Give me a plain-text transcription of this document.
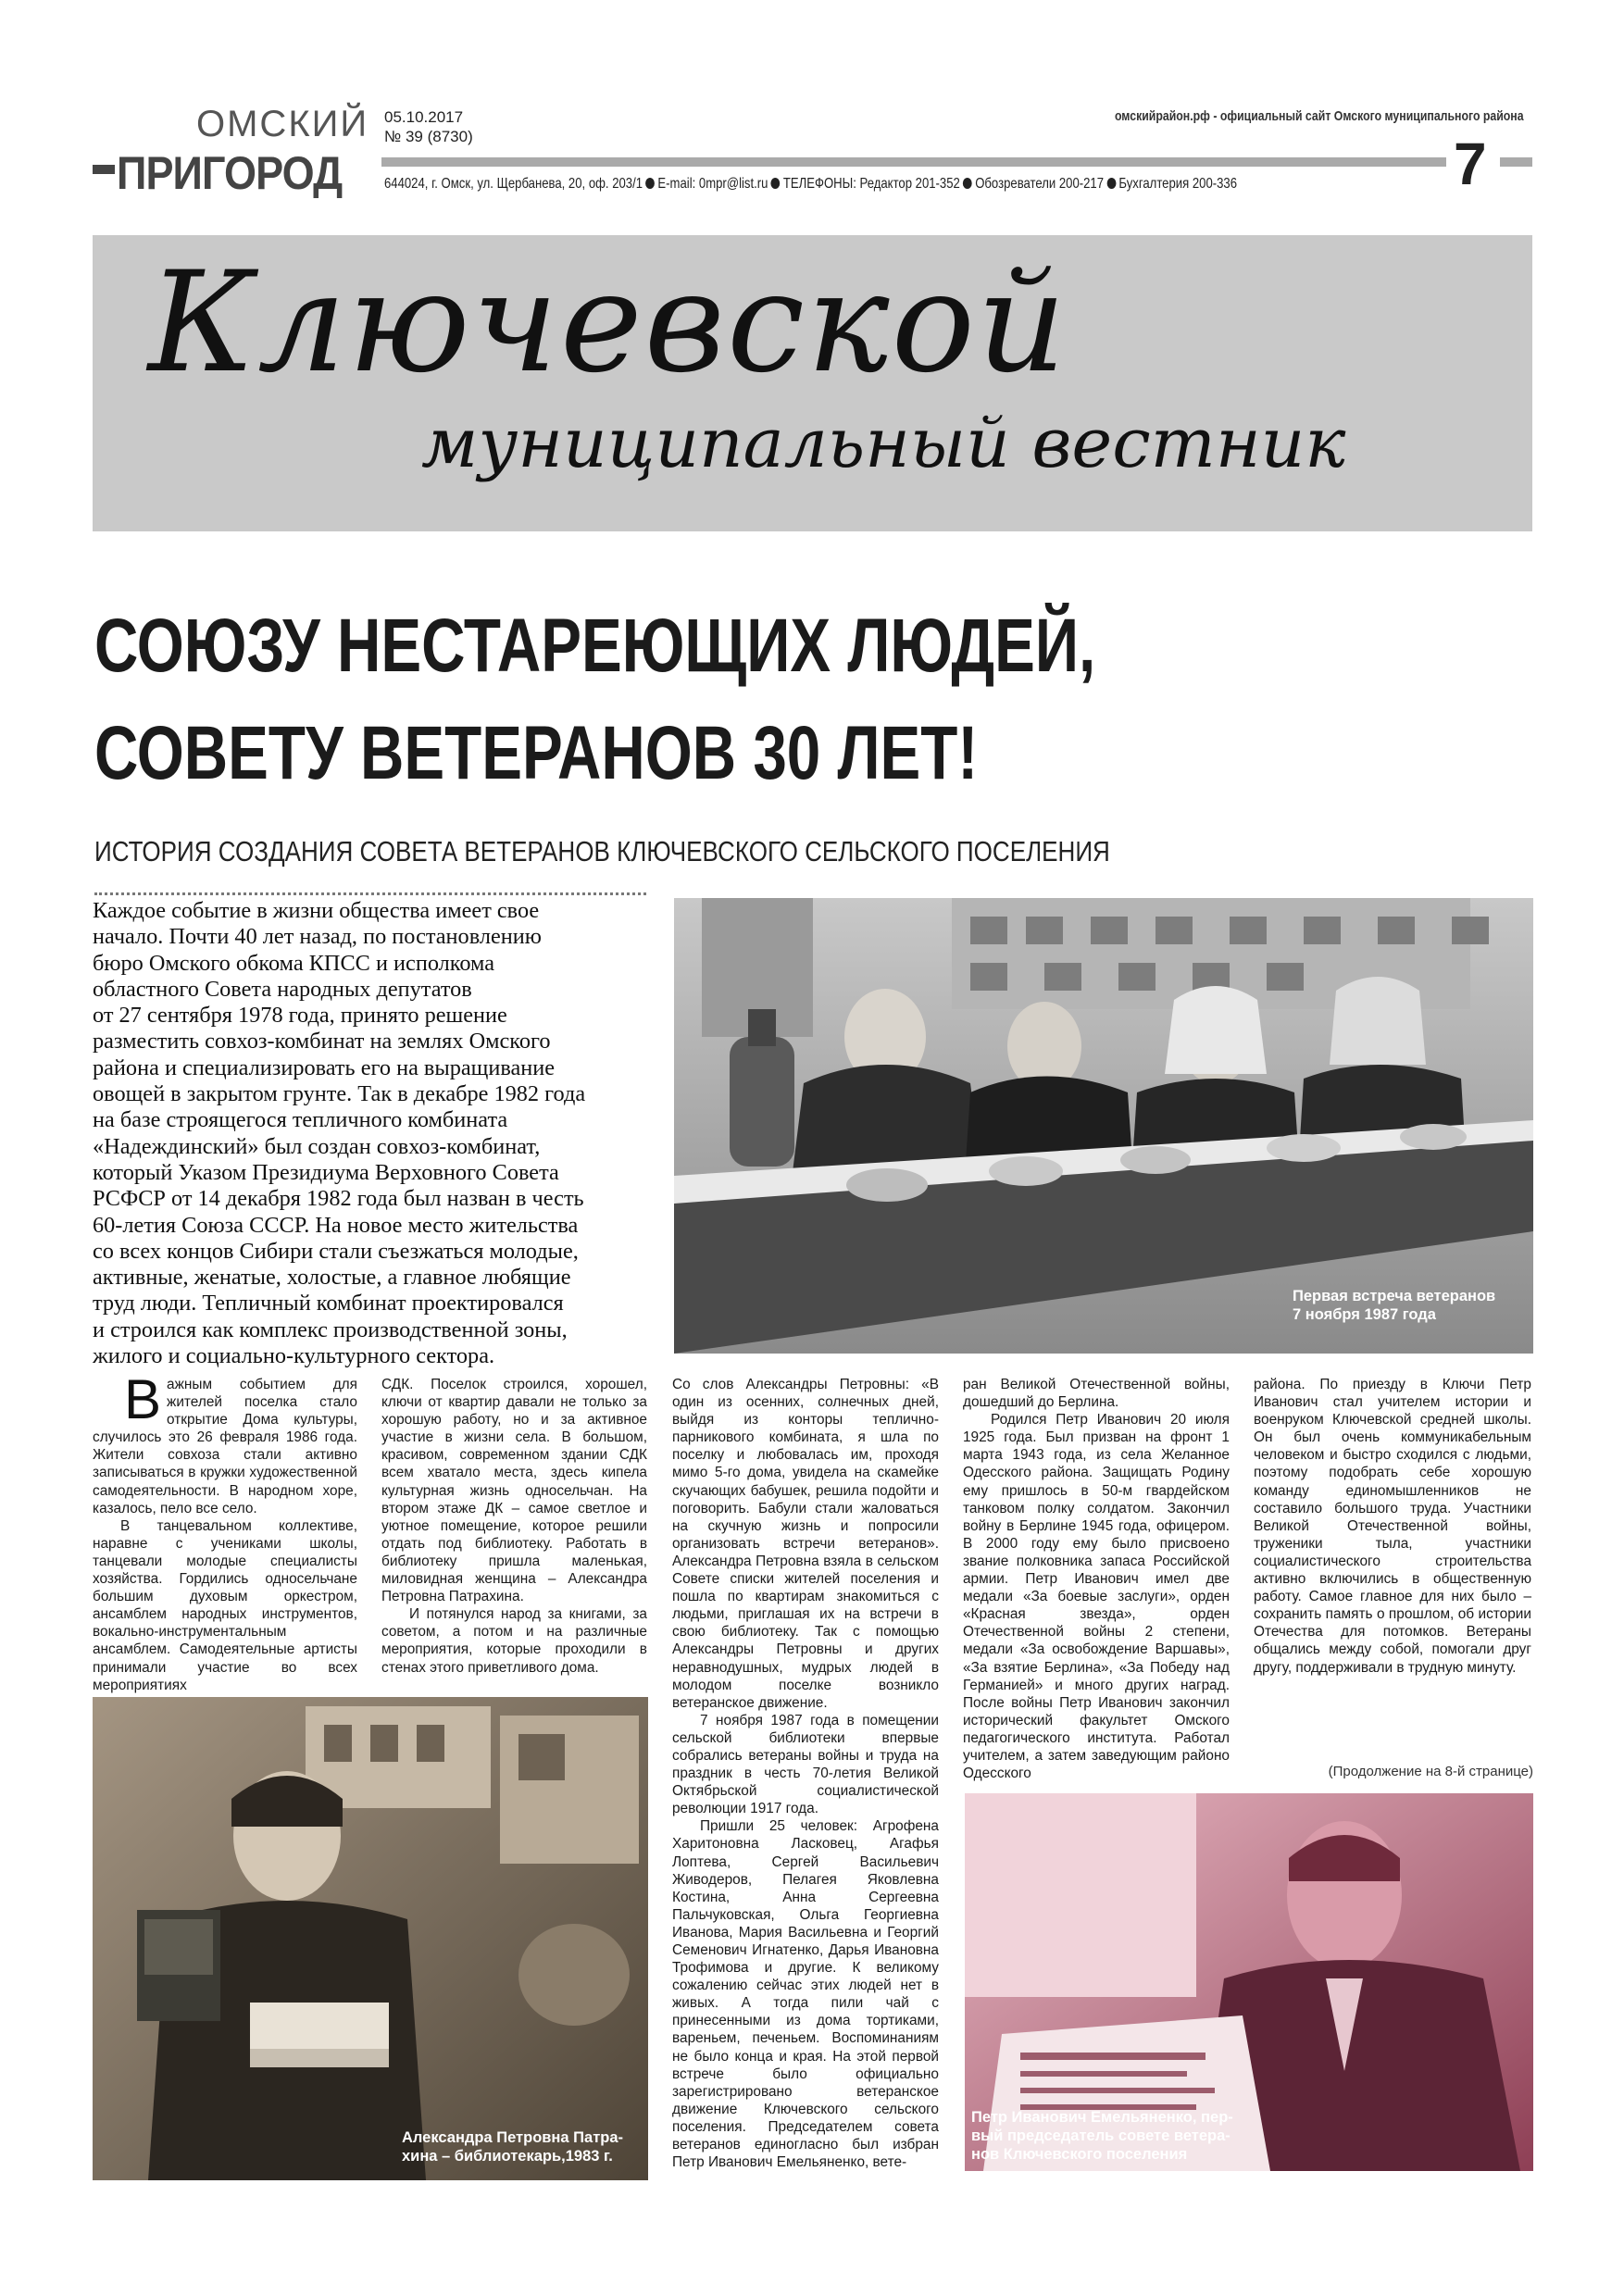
ОМСКИЙ
ПРИГОРОД
05.10.2017
№ 39 (8730)
омскийрайон.рф - официальный сайт Омского муниципального района
7
644024, г. Омск, ул. Щербанева, 20, оф. 203/1 E-mail: 0mpr@list.ru ТЕЛЕФОНЫ: Редактор 201-352 Обозреватели 200-217 Бухгалтерия 200-336
Ключевской
муниципальный вестник
СОЮЗУ НЕСТАРЕЮЩИХ ЛЮДЕЙ,
СОВЕТУ ВЕТЕРАНОВ 30 ЛЕТ!
ИСТОРИЯ СОЗДАНИЯ СОВЕТА ВЕТЕРАНОВ КЛЮЧЕВСКОГО СЕЛЬСКОГО ПОСЕЛЕНИЯ

Каждое событие в жизни общества имеет свое

начало. Почти 40 лет назад, по постановлению

бюро Омского обкома КПСС и исполкома

областного Совета народных депутатов

от 27 сентября 1978 года, принято решение

разместить совхоз-комбинат на землях Омского

района и специализировать его на выращивание

овощей в закрытом грунте. Так в декабре 1982 года

на базе строящегося тепличного комбината

«Надеждинский» был создан совхоз-комбинат,

который Указом Президиума Верховного Совета

РСФСР от 14 декабря 1982 года был назван в честь

60-летия Союза СССР. На новое место жительства

со всех концов Сибири стали съезжаться молодые,

активные, женатые, холостые, а главное любящие

труд люди. Тепличный комбинат проектировался

и строился как комплекс производственной зоны,

жилого и социально-культурного сектора.

Первая встреча ветеранов
7 ноября 1987 года

Важным событием для жителей поселка стало открытие Дома культуры, случилось это 26 февраля 1986 года. Жители совхоза стали активно записываться в кружки художественной самодеятельности. В народном хоре, казалось, пело все село.

В танцевальном коллективе, наравне с учениками школы, танцевали молодые специалисты хозяйства. Гордились односельчане большим духовым оркестром, ансамблем народных инструментов, вокально-инструментальным ансамблем. Самодеятельные артисты принимали участие во всех мероприятиях

СДК. Поселок строился, хорошел, ключи от квартир давали не только за хорошую работу, но и за активное участие в жизни села. В большом, красивом, современном здании СДК всем хватало места, здесь кипела культурная жизнь односельчан. На втором этаже ДК – самое светлое и уютное помещение, которое решили отдать под библиотеку. Работать в библиотеку пришла маленькая, миловидная женщина – Александра Петровна Патрахина.

И потянулся народ за книгами, за советом, а потом и на различные мероприятия, которые проходили в стенах этого приветливого дома.

Со слов Александры Петровны: «В один из осенних, солнечных дней, выйдя из конторы теплично-парникового комбината, я шла по поселку и любовалась им, проходя мимо 5-го дома, увидела на скамейке скучающих бабушек, решила подойти и поговорить. Бабули стали жаловаться на скучную жизнь и попросили организовать встречи ветеранов». Александра Петровна взяла в сельском Совете списки жителей поселения и пошла по квартирам знакомиться с людьми, приглашая их на встречи в свою библиотеку. Так с помощью Александры Петровны и других неравнодушных, мудрых людей в молодом поселке возникло ветеранское движение.

7 ноября 1987 года в помещении сельской библиотеки впервые собрались ветераны войны и труда на праздник в честь 70-летия Великой Октябрьской социалистической революции 1917 года.

Пришли 25 человек: Агрофена Харитоновна Ласковец, Агафья Лоптева, Сергей Васильевич Живодеров, Пелагея Яковлевна Костина, Анна Сергеевна Пальчуковская, Ольга Георгиевна Иванова, Мария Васильевна и Георгий Семенович Игнатенко, Дарья Ивановна Трофимова и другие. К великому сожалению сейчас этих людей нет в живых. А тогда пили чай с принесенными из дома тортиками, вареньем, печеньем. Воспоминаниям не было конца и края. На этой первой встрече было официально зарегистрировано ветеранское движение Ключевского сельского поселения. Председателем совета ветеранов единогласно был избран Петр Иванович Емельяненко, вете-

ран Великой Отечественной войны, дошедший до Берлина.

Родился Петр Иванович 20 июля 1925 года. Был призван на фронт 1 марта 1943 года, из села Желанное Одесского района. Защищать Родину ему пришлось в 50-м гвардейском танковом полку солдатом. Закончил войну в Берлине 1945 года, офицером. В 2000 году ему было присвоено звание полковника запаса Российской армии. Петр Иванович имел две медали «За боевые заслуги», орден «Красная звезда», орден Отечественной войны 2 степени, медали «За освобождение Варшавы», «За взятие Берлина», «За Победу над Германией» и много других наград. После войны Петр Иванович закончил исторический факультет Омского педагогического института. Работал учителем, а затем заведующим районо Одесского

района. По приезду в Ключи Петр Иванович стал учителем истории и военруком Ключевской средней школы. Он был очень коммуникабельным человеком и быстро сходился с людьми, поэтому подобрать себе хорошую команду единомышленников не составило большого труда. Участники Великой Отечественной войны, труженики тыла, участники социалистического строительства активно включились в общественную работу. Самое главное для них было – сохранить память о прошлом, об истории Отечества для потомков. Ветераны общались между собой, помогали друг другу, поддерживали в трудную минуту.

(Продолжение на 8-й странице)
Александра Петровна Патра-
хина – библиотекарь,1983 г.
Петр Иванович Емельяненко, пер-
вый председатель совете ветера-
нов Ключевского поселения
